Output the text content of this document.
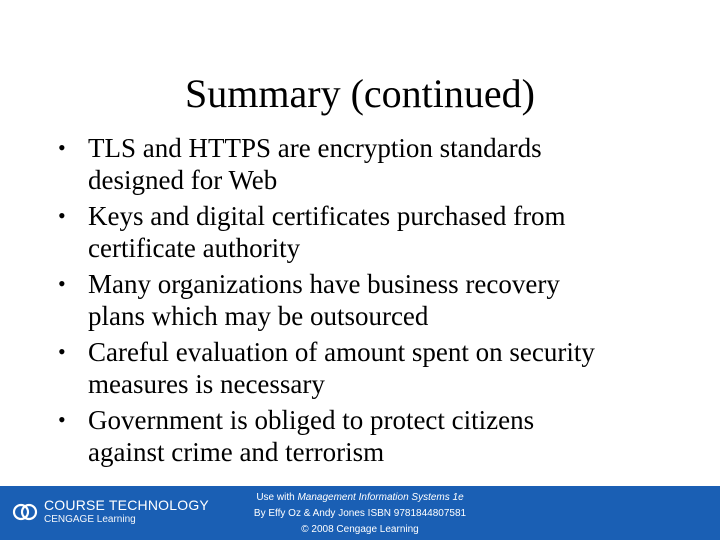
Summary (continued)
• TLS and HTTPS are encryption standards
designed for Web
• Keys and digital certificates purchased from
certificate authority
• Many organizations have business recovery
plans which may be outsourced
• Careful evaluation of amount spent on security
measures is necessary
• Government is obliged to protect citizens
against crime and terrorism
COURSE TECHNOLOGY
CENGAGE Learning
Use with Management Information Systems 1e
By Effy Oz & Andy Jones ISBN 9781844807581
© 2008 Cengage Learning
